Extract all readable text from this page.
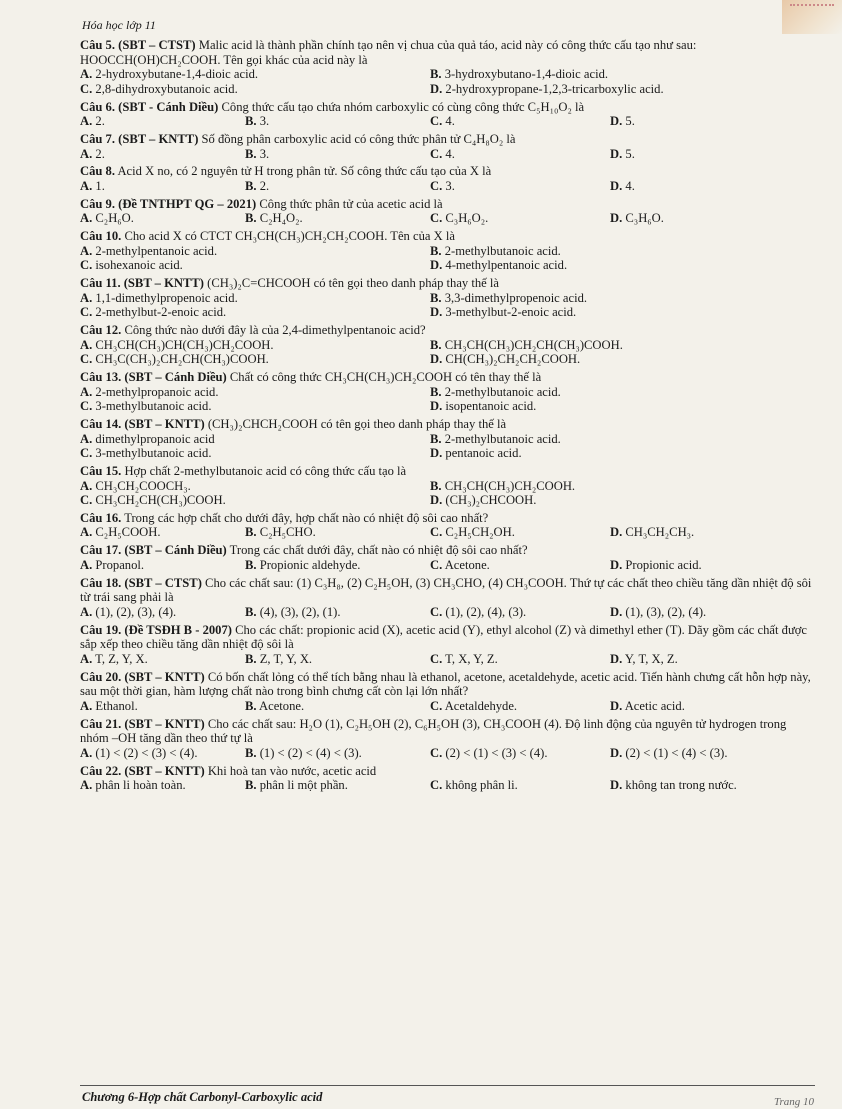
Hóa học lớp 11

Câu 5. (SBT – CTST) Malic acid là thành phần chính tạo nên vị chua của quả táo, acid này có công thức cấu tạo như sau: HOOCCH(OH)CH₂COOH. Tên gọi khác của acid này là

A. 2-hydroxybutane-1,4-dioic acid.	B. 3-hydroxybutano-1,4-dioic acid.
C. 2,8-dihydroxybutanoic acid.	D. 2-hydroxypropane-1,2,3-tricarboxylic acid.

Câu 6. (SBT - Cánh Diều) Công thức cấu tạo chứa nhóm carboxylic có cùng công thức C₅H₁₀O₂ là

A. 2.	B. 3.	C. 4.	D. 5.

Câu 7. (SBT – KNTT) Số đồng phân carboxylic acid có công thức phân tử C₄H₈O₂ là

A. 2.	B. 3.	C. 4.	D. 5.

Câu 8. Acid X no, có 2 nguyên tử H trong phân tử. Số công thức cấu tạo của X là

A. 1.	B. 2.	C. 3.	D. 4.

Câu 9. (Đề TNTHPT QG – 2021) Công thức phân tử của acetic acid là

A. C₂H₆O.	B. C₂H₄O₂.	C. C₃H₆O₂.	D. C₃H₆O.

Câu 10. Cho acid X có CTCT CH₃CH(CH₃)CH₂CH₂COOH. Tên của X là

A. 2-methylpentanoic acid.	B. 2-methylbutanoic acid.
C. isohexanoic acid.	D. 4-methylpentanoic acid.

Câu 11. (SBT – KNTT) (CH₃)₂C=CHCOOH có tên gọi theo danh pháp thay thế là

A. 1,1-dimethylpropenoic acid.	B. 3,3-dimethylpropenoic acid.
C. 2-methylbut-2-enoic acid.	D. 3-methylbut-2-enoic acid.

Câu 12. Công thức nào dưới đây là của 2,4-dimethylpentanoic acid?

A. CH₃CH(CH₃)CH(CH₃)CH₂COOH.	B. CH₃CH(CH₃)CH₂CH(CH₃)COOH.
C. CH₃C(CH₃)₂CH₂CH(CH₃)COOH.	D. CH(CH₃)₂CH₂CH₂COOH.

Câu 13. (SBT – Cánh Diều) Chất có công thức CH₃CH(CH₃)CH₂COOH có tên thay thế là

A. 2-methylpropanoic acid.	B. 2-methylbutanoic acid.
C. 3-methylbutanoic acid.	D. isopentanoic acid.

Câu 14. (SBT – KNTT) (CH₃)₂CHCH₂COOH có tên gọi theo danh pháp thay thế là

A. dimethylpropanoic acid	B. 2-methylbutanoic acid.
C. 3-methylbutanoic acid.	D. pentanoic acid.

Câu 15. Hợp chất 2-methylbutanoic acid có công thức cấu tạo là

A. CH₃CH₂COOCH₃.	B. CH₃CH(CH₃)CH₂COOH.
C. CH₃CH₂CH(CH₃)COOH.	D. (CH₃)₂CHCOOH.

Câu 16. Trong các hợp chất cho dưới đây, hợp chất nào có nhiệt độ sôi cao nhất?

A. C₂H₅COOH.	B. C₂H₅CHO.	C. C₂H₅CH₂OH.	D. CH₃CH₂CH₃.

Câu 17. (SBT – Cánh Diều) Trong các chất dưới đây, chất nào có nhiệt độ sôi cao nhất?

A. Propanol.	B. Propionic aldehyde.	C. Acetone.	D. Propionic acid.

Câu 18. (SBT – CTST) Cho các chất sau: (1) C₃H₈, (2) C₂H₅OH, (3) CH₃CHO, (4) CH₃COOH. Thứ tự các chất theo chiều tăng dần nhiệt độ sôi từ trái sang phải là

A. (1), (2), (3), (4).	B. (4), (3), (2), (1).	C. (1), (2), (4), (3).	D. (1), (3), (2), (4).

Câu 19. (Đề TSĐH B - 2007) Cho các chất: propionic acid (X), acetic acid (Y), ethyl alcohol (Z) và dimethyl ether (T). Dãy gồm các chất được sắp xếp theo chiều tăng dần nhiệt độ sôi là

A. T, Z, Y, X.	B. Z, T, Y, X.	C. T, X, Y, Z.	D. Y, T, X, Z.

Câu 20. (SBT – KNTT) Có bốn chất lỏng có thể tích bằng nhau là ethanol, acetone, acetaldehyde, acetic acid. Tiến hành chưng cất hỗn hợp này, sau một thời gian, hàm lượng chất nào trong bình chưng cất còn lại lớn nhất?

A. Ethanol.	B. Acetone.	C. Acetaldehyde.	D. Acetic acid.

Câu 21. (SBT – KNTT) Cho các chất sau: H₂O (1), C₂H₅OH (2), C₆H₅OH (3), CH₃COOH (4). Độ linh động của nguyên tử hydrogen trong nhóm –OH tăng dần theo thứ tự là

A. (1) < (2) < (3) < (4).	B. (1) < (2) < (4) < (3).	C. (2) < (1) < (3) < (4).	D. (2) < (1) < (4) < (3).

Câu 22. (SBT – KNTT) Khi hoà tan vào nước, acetic acid

A. phân li hoàn toàn.	B. phân li một phần.	C. không phân li.	D. không tan trong nước.
Chương 6-Hợp chất Carbonyl-Carboxylic acid	Trang 10
